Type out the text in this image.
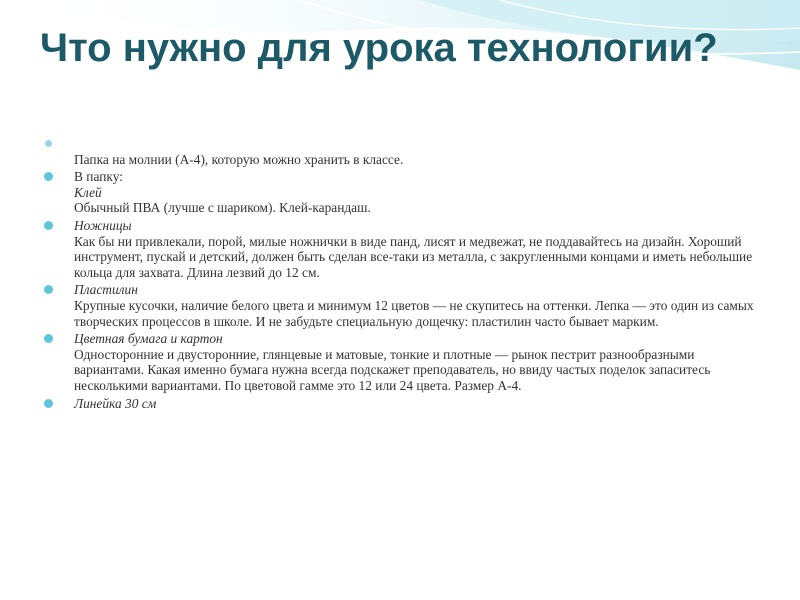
Что нужно для урока технологии?

Папка на молнии (А-4), которую можно хранить в классе.
В папку:
Клей
Обычный ПВА (лучше с шариком). Клей-карандаш.
Ножницы
Как бы ни привлекали, порой, милые ножнички в виде панд, лисят и медвежат, не поддавайтесь на дизайн. Хороший инструмент, пускай и детский, должен быть сделан все-таки из металла, с закругленными концами и иметь небольшие кольца для захвата. Длина лезвий до 12 см.
Пластилин
Крупные кусочки, наличие белого цвета и минимум 12 цветов — не скупитесь на оттенки. Лепка — это один из самых творческих процессов в школе. И не забудьте специальную дощечку: пластилин часто бывает марким.
Цветная бумага и картон
Односторонние и двусторонние, глянцевые и матовые, тонкие и плотные — рынок пестрит разнообразными вариантами. Какая именно бумага нужна всегда подскажет преподаватель, но ввиду частых поделок запаситесь несколькими вариантами. По цветовой гамме это 12 или 24 цвета. Размер А-4.
Линейка 30 см
